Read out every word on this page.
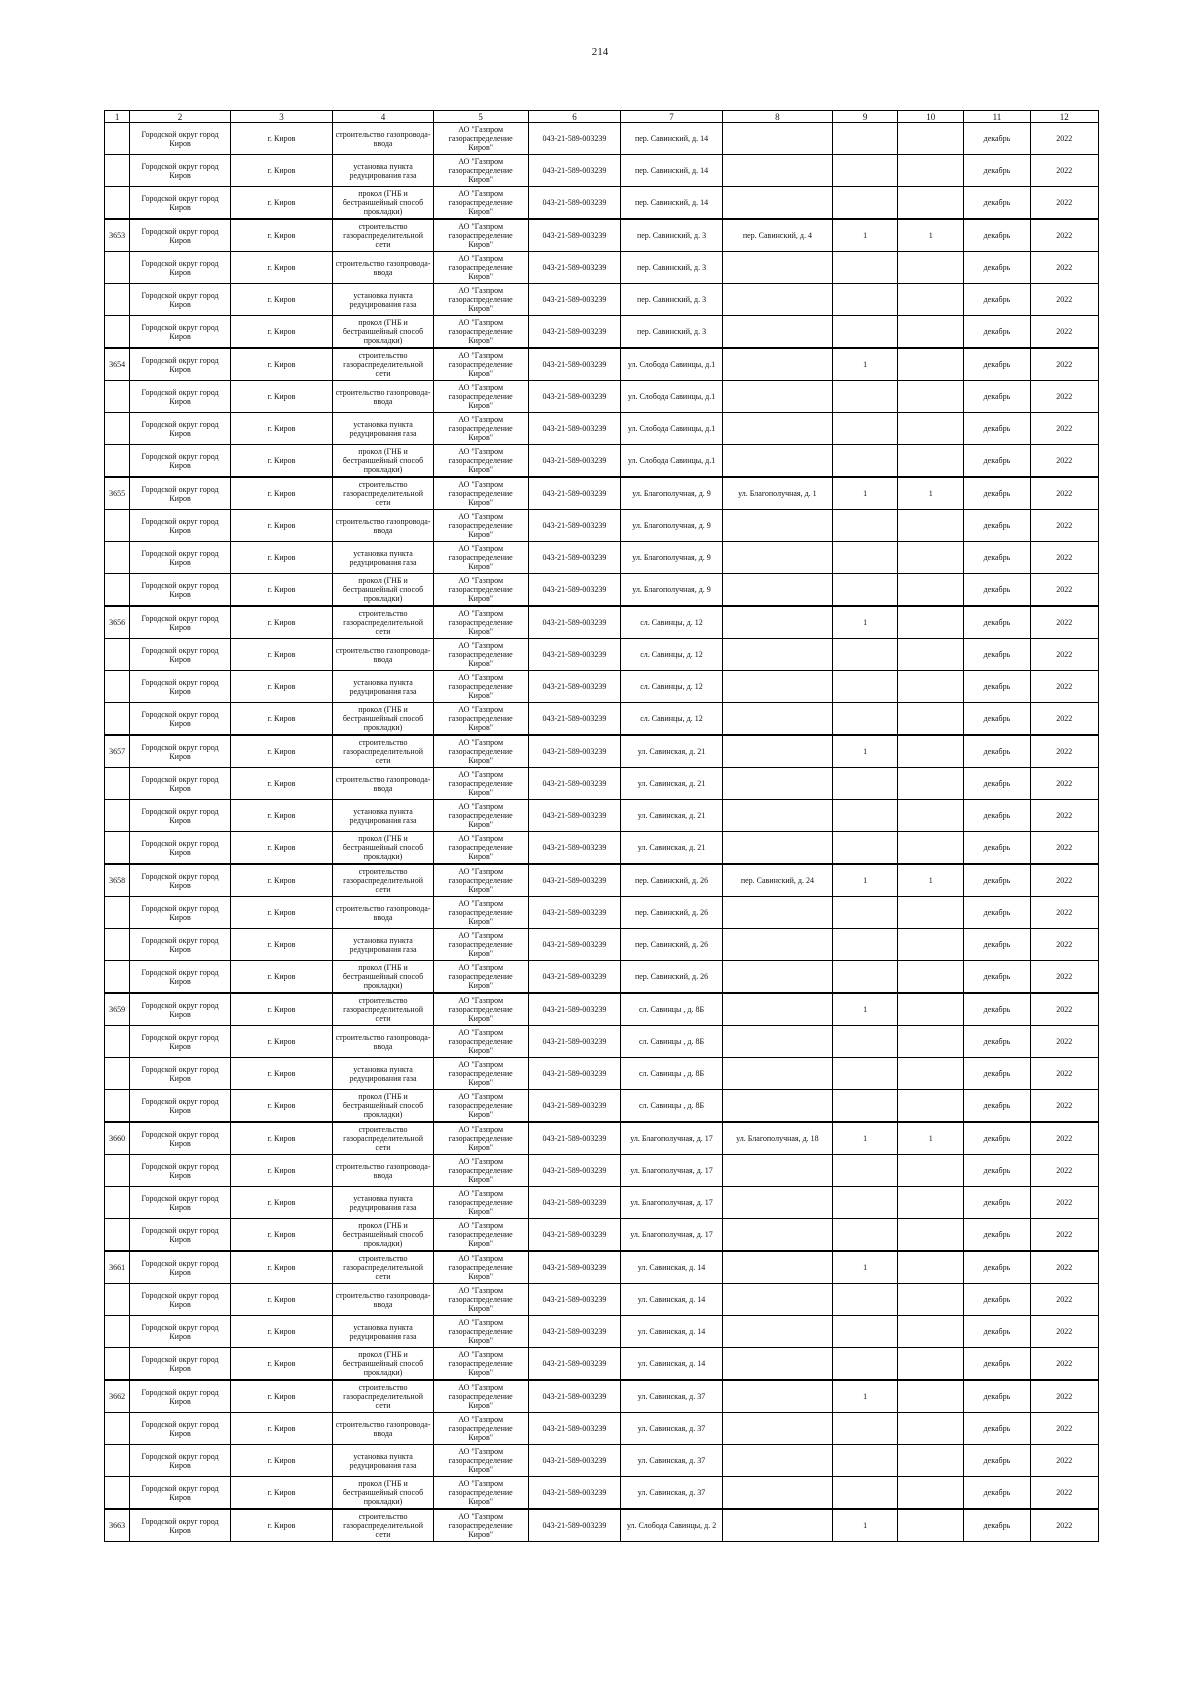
214
1	2	3	4	5	6	7	8	9	10	11	12
	Городской округ город Киров	г. Киров	строительство газопровода-ввода	АО "Газпром газораспределение Киров"	043-21-589-003239	пер. Савинский, д. 14				декабрь	2022
	Городской округ город Киров	г. Киров	установка пункта редуцирования газа	АО "Газпром газораспределение Киров"	043-21-589-003239	пер. Савинский, д. 14				декабрь	2022
	Городской округ город Киров	г. Киров	прокол (ГНБ и бестраншейный способ прокладки)	АО "Газпром газораспределение Киров"	043-21-589-003239	пер. Савинский, д. 14				декабрь	2022
3653	Городской округ город Киров	г. Киров	строительство газораспределительной сети	АО "Газпром газораспределение Киров"	043-21-589-003239	пер. Савинский, д. 3	пер. Савинский, д. 4	1	1	декабрь	2022
	Городской округ город Киров	г. Киров	строительство газопровода-ввода	АО "Газпром газораспределение Киров"	043-21-589-003239	пер. Савинский, д. 3				декабрь	2022
	Городской округ город Киров	г. Киров	установка пункта редуцирования газа	АО "Газпром газораспределение Киров"	043-21-589-003239	пер. Савинский, д. 3				декабрь	2022
	Городской округ город Киров	г. Киров	прокол (ГНБ и бестраншейный способ прокладки)	АО "Газпром газораспределение Киров"	043-21-589-003239	пер. Савинский, д. 3				декабрь	2022
3654	Городской округ город Киров	г. Киров	строительство газораспределительной сети	АО "Газпром газораспределение Киров"	043-21-589-003239	ул. Слобода Савинцы, д.1		1		декабрь	2022
	Городской округ город Киров	г. Киров	строительство газопровода-ввода	АО "Газпром газораспределение Киров"	043-21-589-003239	ул. Слобода Савинцы, д.1				декабрь	2022
	Городской округ город Киров	г. Киров	установка пункта редуцирования газа	АО "Газпром газораспределение Киров"	043-21-589-003239	ул. Слобода Савинцы, д.1				декабрь	2022
	Городской округ город Киров	г. Киров	прокол (ГНБ и бестраншейный способ прокладки)	АО "Газпром газораспределение Киров"	043-21-589-003239	ул. Слобода Савинцы, д.1				декабрь	2022
3655	Городской округ город Киров	г. Киров	строительство газораспределительной сети	АО "Газпром газораспределение Киров"	043-21-589-003239	ул. Благополучная, д. 9	ул. Благополучная, д. 1	1	1	декабрь	2022
	Городской округ город Киров	г. Киров	строительство газопровода-ввода	АО "Газпром газораспределение Киров"	043-21-589-003239	ул. Благополучная, д. 9				декабрь	2022
	Городской округ город Киров	г. Киров	установка пункта редуцирования газа	АО "Газпром газораспределение Киров"	043-21-589-003239	ул. Благополучная, д. 9				декабрь	2022
	Городской округ город Киров	г. Киров	прокол (ГНБ и бестраншейный способ прокладки)	АО "Газпром газораспределение Киров"	043-21-589-003239	ул. Благополучная, д. 9				декабрь	2022
3656	Городской округ город Киров	г. Киров	строительство газораспределительной сети	АО "Газпром газораспределение Киров"	043-21-589-003239	сл. Савинцы, д. 12		1		декабрь	2022
	Городской округ город Киров	г. Киров	строительство газопровода-ввода	АО "Газпром газораспределение Киров"	043-21-589-003239	сл. Савинцы, д. 12				декабрь	2022
	Городской округ город Киров	г. Киров	установка пункта редуцирования газа	АО "Газпром газораспределение Киров"	043-21-589-003239	сл. Савинцы, д. 12				декабрь	2022
	Городской округ город Киров	г. Киров	прокол (ГНБ и бестраншейный способ прокладки)	АО "Газпром газораспределение Киров"	043-21-589-003239	сл. Савинцы, д. 12				декабрь	2022
3657	Городской округ город Киров	г. Киров	строительство газораспределительной сети	АО "Газпром газораспределение Киров"	043-21-589-003239	ул. Савинская, д. 21		1		декабрь	2022
	Городской округ город Киров	г. Киров	строительство газопровода-ввода	АО "Газпром газораспределение Киров"	043-21-589-003239	ул. Савинская, д. 21				декабрь	2022
	Городской округ город Киров	г. Киров	установка пункта редуцирования газа	АО "Газпром газораспределение Киров"	043-21-589-003239	ул. Савинская, д. 21				декабрь	2022
	Городской округ город Киров	г. Киров	прокол (ГНБ и бестраншейный способ прокладки)	АО "Газпром газораспределение Киров"	043-21-589-003239	ул. Савинская, д. 21				декабрь	2022
3658	Городской округ город Киров	г. Киров	строительство газораспределительной сети	АО "Газпром газораспределение Киров"	043-21-589-003239	пер. Савинский, д. 26	пер. Савинский, д. 24	1	1	декабрь	2022
	Городской округ город Киров	г. Киров	строительство газопровода-ввода	АО "Газпром газораспределение Киров"	043-21-589-003239	пер. Савинский, д. 26				декабрь	2022
	Городской округ город Киров	г. Киров	установка пункта редуцирования газа	АО "Газпром газораспределение Киров"	043-21-589-003239	пер. Савинский, д. 26				декабрь	2022
	Городской округ город Киров	г. Киров	прокол (ГНБ и бестраншейный способ прокладки)	АО "Газпром газораспределение Киров"	043-21-589-003239	пер. Савинский, д. 26				декабрь	2022
3659	Городской округ город Киров	г. Киров	строительство газораспределительной сети	АО "Газпром газораспределение Киров"	043-21-589-003239	сл. Савинцы , д. 8Б		1		декабрь	2022
	Городской округ город Киров	г. Киров	строительство газопровода-ввода	АО "Газпром газораспределение Киров"	043-21-589-003239	сл. Савинцы , д. 8Б				декабрь	2022
	Городской округ город Киров	г. Киров	установка пункта редуцирования газа	АО "Газпром газораспределение Киров"	043-21-589-003239	сл. Савинцы , д. 8Б				декабрь	2022
	Городской округ город Киров	г. Киров	прокол (ГНБ и бестраншейный способ прокладки)	АО "Газпром газораспределение Киров"	043-21-589-003239	сл. Савинцы , д. 8Б				декабрь	2022
3660	Городской округ город Киров	г. Киров	строительство газораспределительной сети	АО "Газпром газораспределение Киров"	043-21-589-003239	ул. Благополучная, д. 17	ул. Благополучная, д. 18	1	1	декабрь	2022
	Городской округ город Киров	г. Киров	строительство газопровода-ввода	АО "Газпром газораспределение Киров"	043-21-589-003239	ул. Благополучная, д. 17				декабрь	2022
	Городской округ город Киров	г. Киров	установка пункта редуцирования газа	АО "Газпром газораспределение Киров"	043-21-589-003239	ул. Благополучная, д. 17				декабрь	2022
	Городской округ город Киров	г. Киров	прокол (ГНБ и бестраншейный способ прокладки)	АО "Газпром газораспределение Киров"	043-21-589-003239	ул. Благополучная, д. 17				декабрь	2022
3661	Городской округ город Киров	г. Киров	строительство газораспределительной сети	АО "Газпром газораспределение Киров"	043-21-589-003239	ул. Савинская, д. 14		1		декабрь	2022
	Городской округ город Киров	г. Киров	строительство газопровода-ввода	АО "Газпром газораспределение Киров"	043-21-589-003239	ул. Савинская, д. 14				декабрь	2022
	Городской округ город Киров	г. Киров	установка пункта редуцирования газа	АО "Газпром газораспределение Киров"	043-21-589-003239	ул. Савинская, д. 14				декабрь	2022
	Городской округ город Киров	г. Киров	прокол (ГНБ и бестраншейный способ прокладки)	АО "Газпром газораспределение Киров"	043-21-589-003239	ул. Савинская, д. 14				декабрь	2022
3662	Городской округ город Киров	г. Киров	строительство газораспределительной сети	АО "Газпром газораспределение Киров"	043-21-589-003239	ул. Савинская, д. 37		1		декабрь	2022
	Городской округ город Киров	г. Киров	строительство газопровода-ввода	АО "Газпром газораспределение Киров"	043-21-589-003239	ул. Савинская, д. 37				декабрь	2022
	Городской округ город Киров	г. Киров	установка пункта редуцирования газа	АО "Газпром газораспределение Киров"	043-21-589-003239	ул. Савинская, д. 37				декабрь	2022
	Городской округ город Киров	г. Киров	прокол (ГНБ и бестраншейный способ прокладки)	АО "Газпром газораспределение Киров"	043-21-589-003239	ул. Савинская, д. 37				декабрь	2022
3663	Городской округ город Киров	г. Киров	строительство газораспределительной сети	АО "Газпром газораспределение Киров"	043-21-589-003239	ул. Слобода Савинцы, д. 2		1		декабрь	2022
